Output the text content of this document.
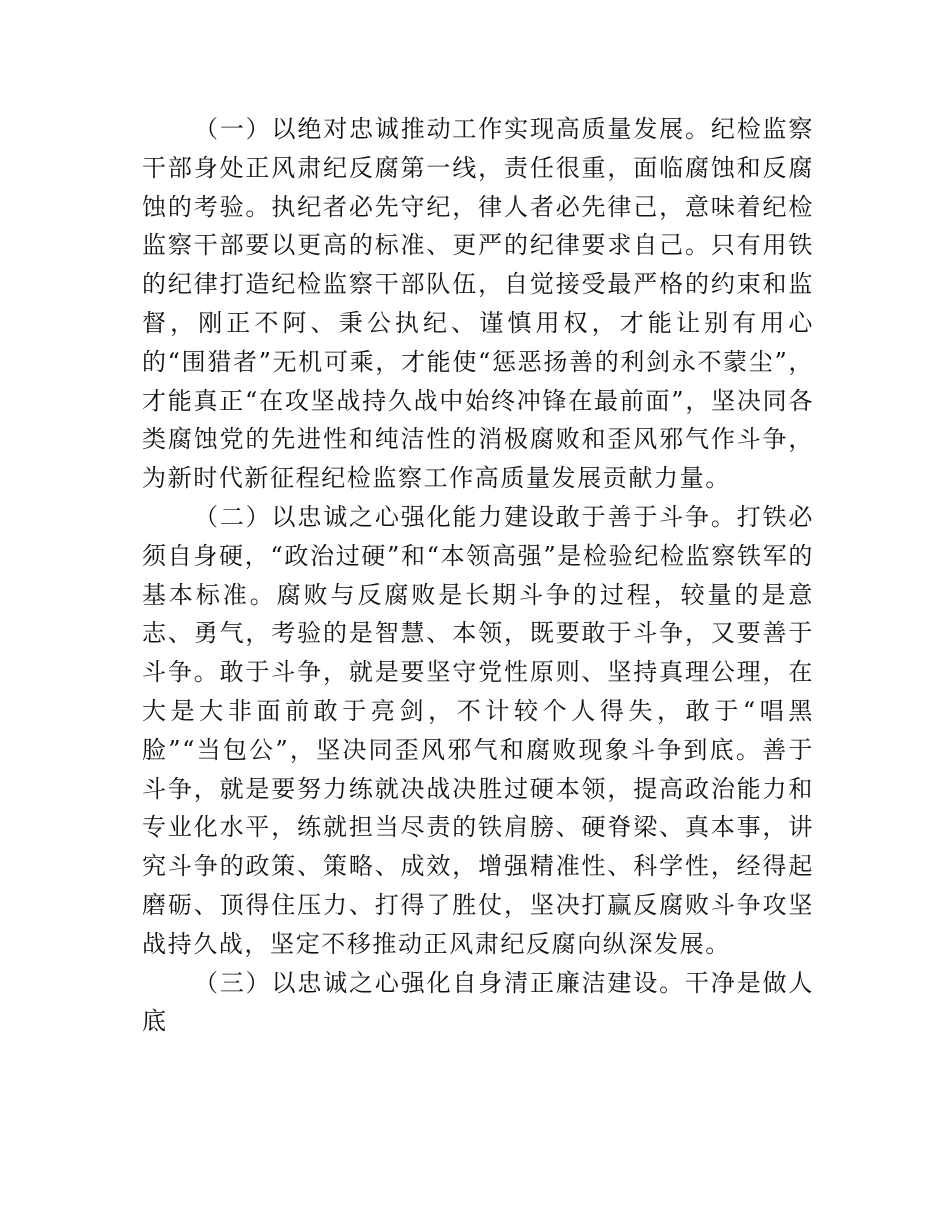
（一）以绝对忠诚推动工作实现高质量发展。纪检监察干部身处正风肃纪反腐第一线，责任很重，面临腐蚀和反腐蚀的考验。执纪者必先守纪，律人者必先律己，意味着纪检监察干部要以更高的标准、更严的纪律要求自己。只有用铁的纪律打造纪检监察干部队伍，自觉接受最严格的约束和监督，刚正不阿、秉公执纪、谨慎用权，才能让别有用心的“围猎者”无机可乘，才能使“惩恶扬善的利剑永不蒙尘”，才能真正“在攻坚战持久战中始终冲锋在最前面”，坚决同各类腐蚀党的先进性和纯洁性的消极腐败和歪风邪气作斗争，为新时代新征程纪检监察工作高质量发展贡献力量。

（二）以忠诚之心强化能力建设敢于善于斗争。打铁必须自身硬，“政治过硬”和“本领高强”是检验纪检监察铁军的基本标准。腐败与反腐败是长期斗争的过程，较量的是意志、勇气，考验的是智慧、本领，既要敢于斗争，又要善于斗争。敢于斗争，就是要坚守党性原则、坚持真理公理，在大是大非面前敢于亮剑，不计较个人得失，敢于“唱黑脸”“当包公”，坚决同歪风邪气和腐败现象斗争到底。善于斗争，就是要努力练就决战决胜过硬本领，提高政治能力和专业化水平，练就担当尽责的铁肩膀、硬脊梁、真本事，讲究斗争的政策、策略、成效，增强精准性、科学性，经得起磨砺、顶得住压力、打得了胜仗，坚决打赢反腐败斗争攻坚战持久战，坚定不移推动正风肃纪反腐向纵深发展。

（三）以忠诚之心强化自身清正廉洁建设。干净是做人底
